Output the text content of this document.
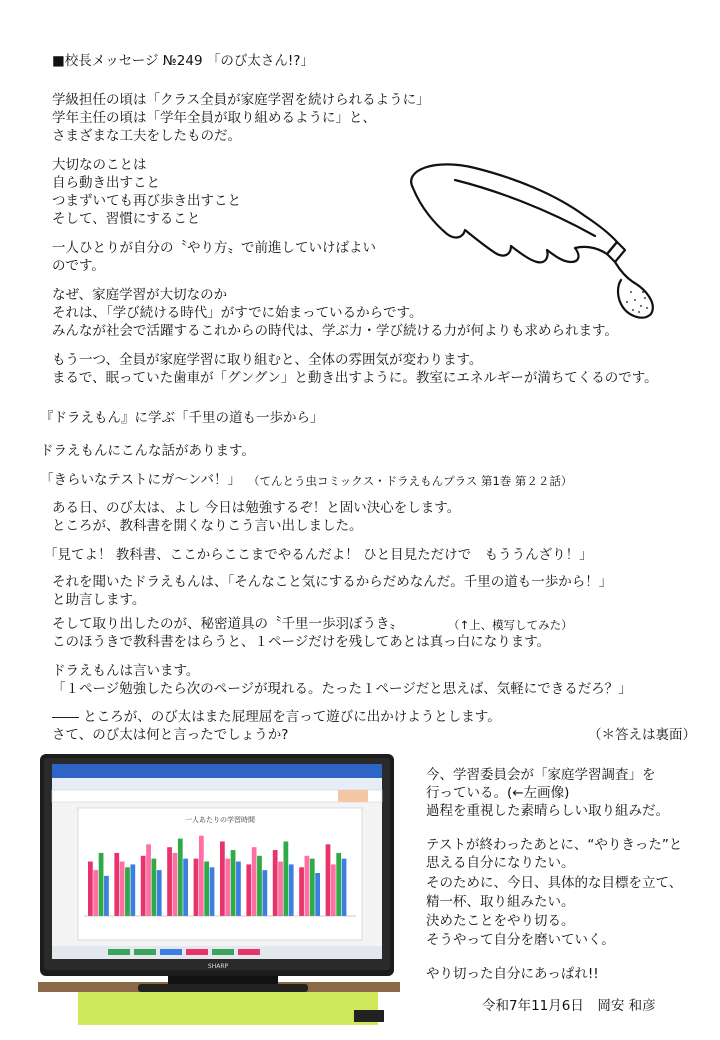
■校長メッセージ №249 「のび太さん!?」
学級担任の頃は「クラス全員が家庭学習を続けられるように」
学年主任の頃は「学年全員が取り組めるように」と、
さまざまな工夫をしたものだ。
大切なのことは
自ら動き出すこと
つまずいても再び歩き出すこと
そして、習慣にすること
一人ひとりが自分の〝やり方〟で前進していけばよい
のです。
なぜ、家庭学習が大切なのか
それは、「学び続ける時代」がすでに始まっているからです。
みんなが社会で活躍するこれからの時代は、学ぶ力・学び続ける力が何よりも求められます。
もう一つ、全員が家庭学習に取り組むと、全体の雰囲気が変わります。
まるで、眠っていた歯車が「グングン」と動き出すように。教室にエネルギーが満ちてくるのです。
『ドラえもん』に学ぶ「千里の道も一歩から」
ドラえもんにこんな話があります。
「きらいなテストにガ～ンバ！」 （てんとう虫コミックス・ドラえもんプラス 第1巻 第２２話）
ある日、のび太は、よし 今日は勉強するぞ！と固い決心をします。
ところが、教科書を開くなりこう言い出しました。
「見てよ！ 教科書、ここからここまでやるんだよ！ ひと目見ただけで　もううんざり！」
それを聞いたドラえもんは、「そんなこと気にするからだめなんだ。千里の道も一歩から！」
と助言します。
そして取り出したのが、秘密道具の〝千里一歩羽ぼうき〟	（↑上、模写してみた）
このほうきで教科書をはらうと、１ページだけを残してあとは真っ白になります。
ドラえもんは言います。
「１ページ勉強したら次のページが現れる。たった１ページだと思えば、気軽にできるだろ？」
―― ところが、のび太はまた屁理屈を言って遊びに出かけようとします。
さて、のび太は何と言ったでしょうか?	（＊答えは裏面）
一人あたりの学習時間
SHARP
今、学習委員会が「家庭学習調査」を
行っている。(←左画像)
過程を重視した素晴らしい取り組みだ。
テストが終わったあとに、“やりきった”と
思える自分になりたい。
そのために、今日、具体的な目標を立て、
精一杯、取り組みたい。
決めたことをやり切る。
そうやって自分を磨いていく。
やり切った自分にあっぱれ!!
令和7年11月6日　岡安 和彦
